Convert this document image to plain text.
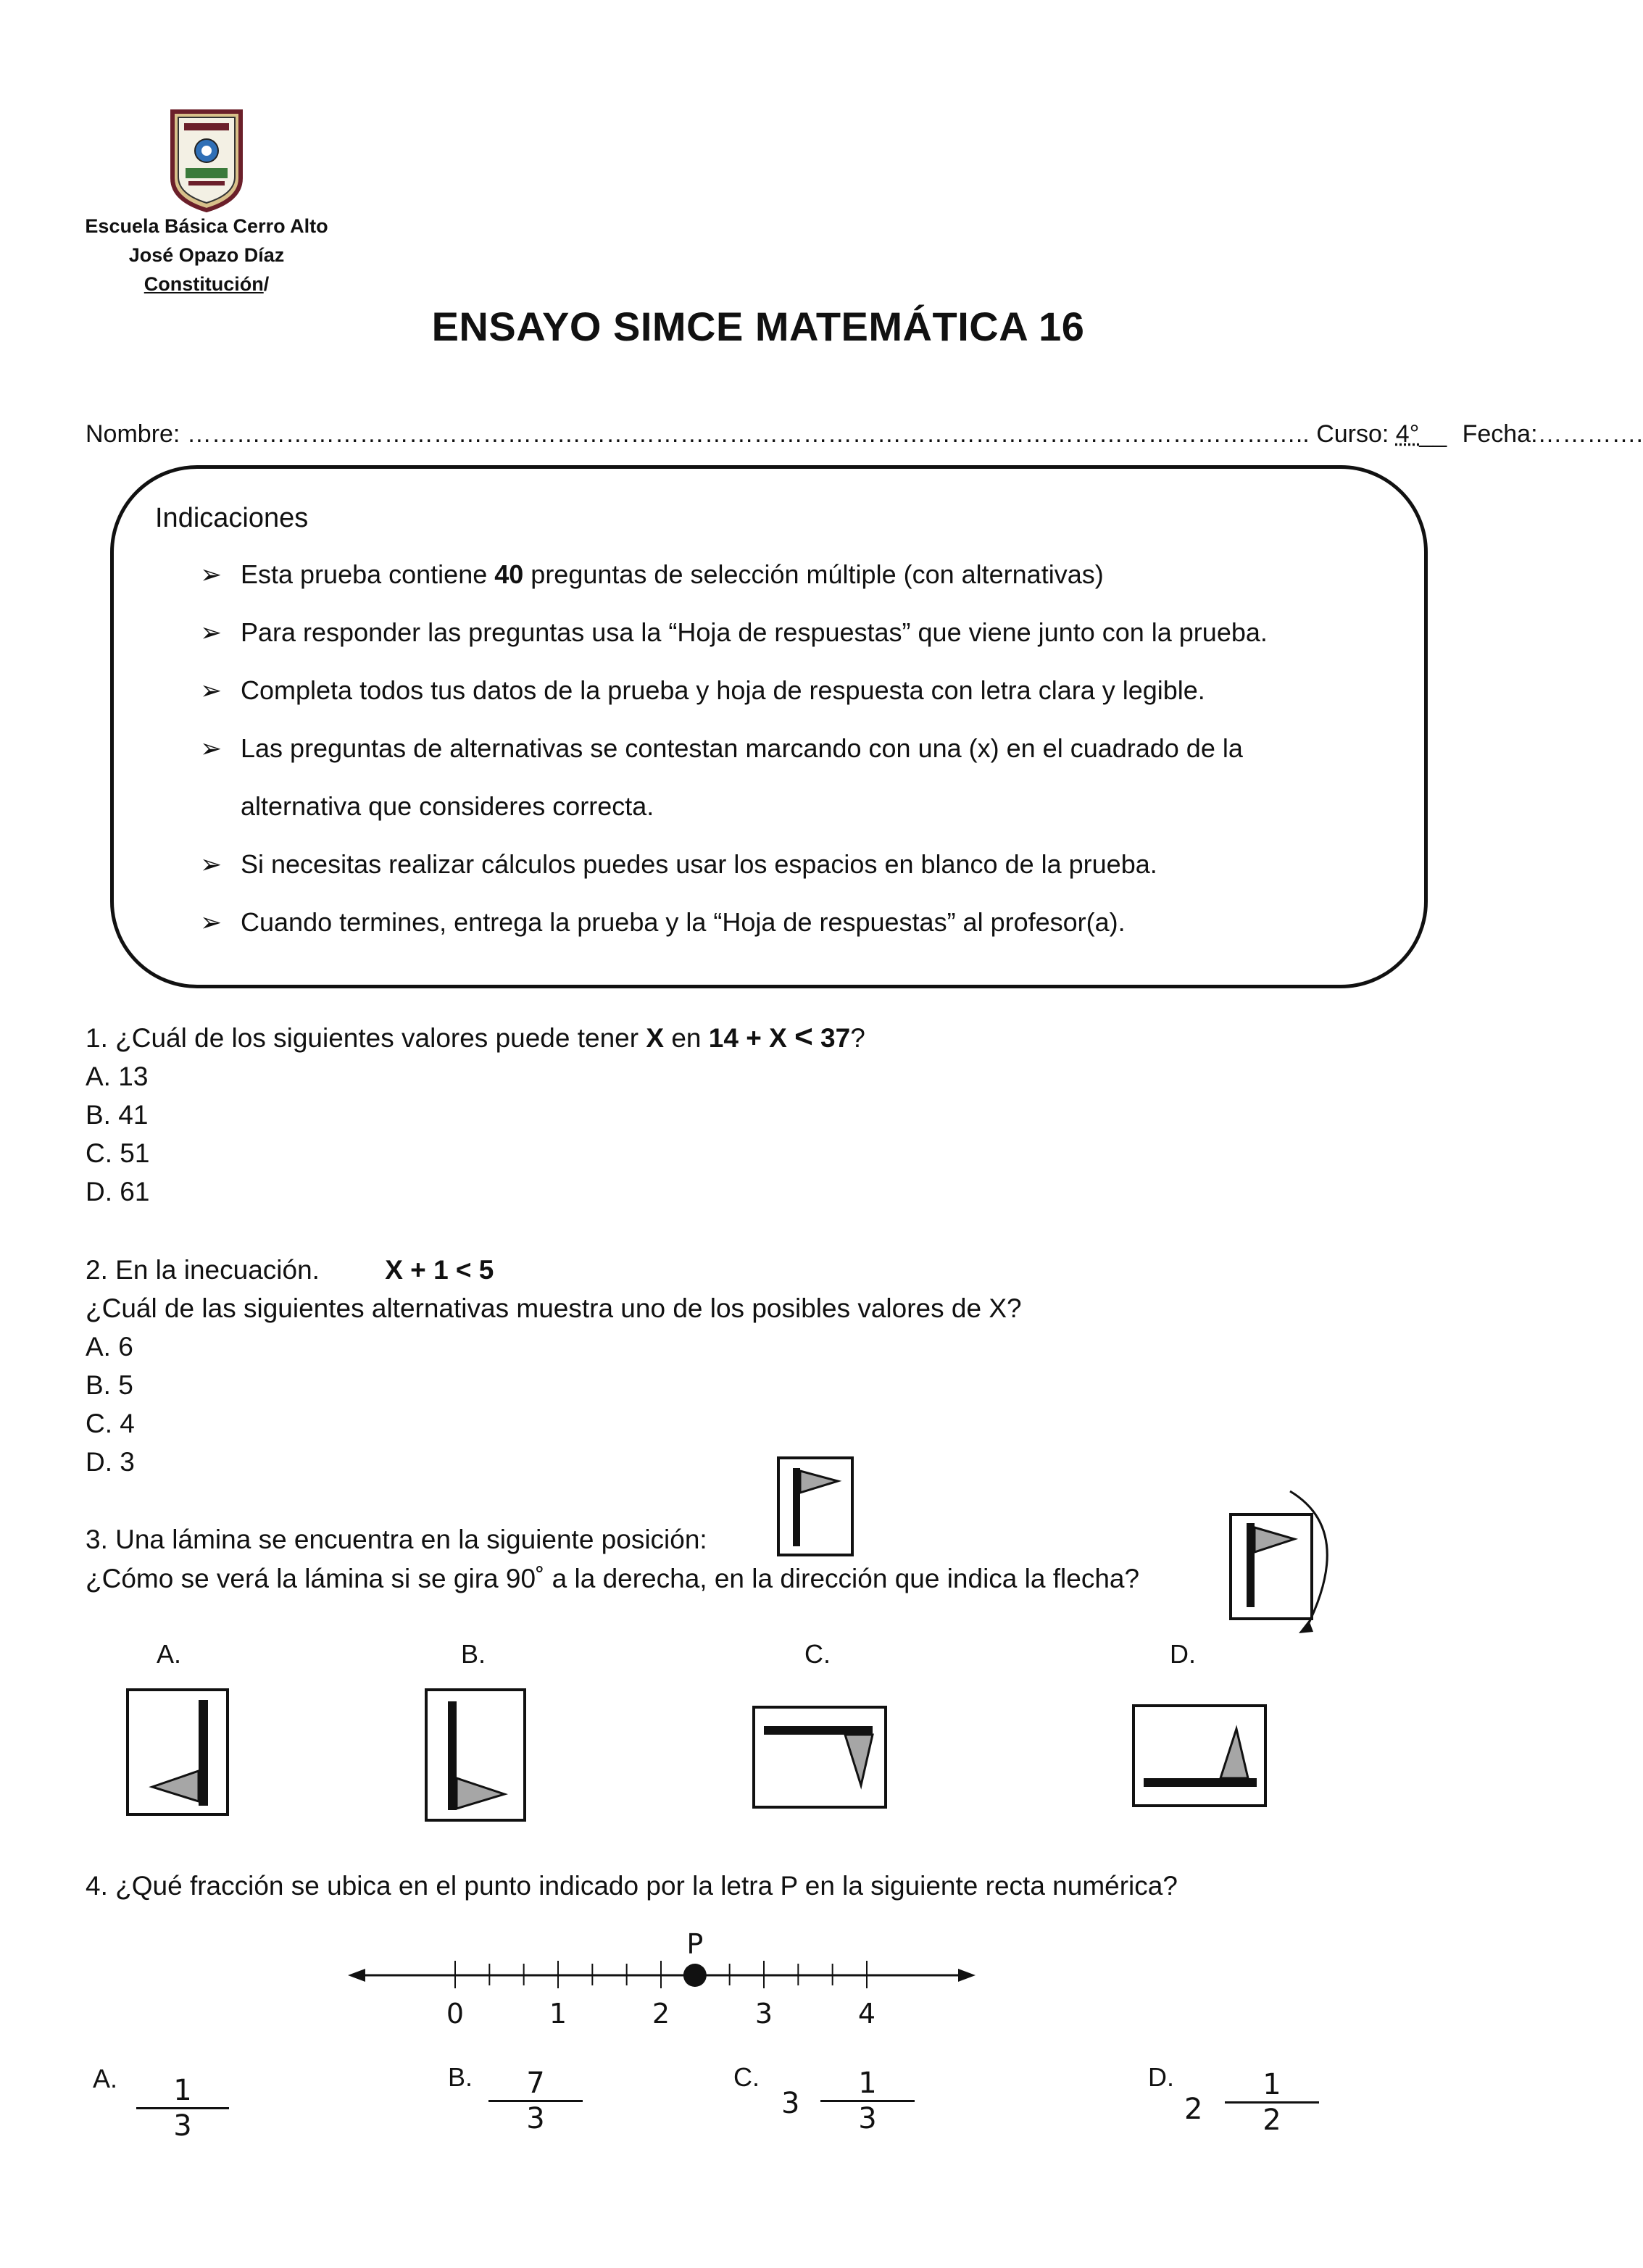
Escuela Básica Cerro Alto
José Opazo Díaz
Constitución/
ENSAYO SIMCE MATEMÁTICA 16
Nombre: ……………………………………………………………………………………………………………………….. Curso: 4°__ Fecha:………….
Indicaciones
➢ Esta prueba contiene 40 preguntas de selección múltiple (con alternativas)
➢ Para responder las preguntas usa la “Hoja de respuestas” que viene junto con la prueba.
➢ Completa todos tus datos de la prueba y hoja de respuesta con letra clara y legible.
➢ Las preguntas de alternativas se contestan marcando con una (x) en el cuadrado de la
alternativa que consideres correcta.
➢ Si necesitas realizar cálculos puedes usar los espacios en blanco de la prueba.
➢ Cuando termines, entrega la prueba y la “Hoja de respuestas” al profesor(a).
1. ¿Cuál de los siguientes valores puede tener X en 14 + X < 37?
A. 13
B. 41
C. 51
D. 61
2. En la inecuación. X + 1 < 5
¿Cuál de las siguientes alternativas muestra uno de los posibles valores de X?
A. 6
B. 5
C. 4
D. 3
3. Una lámina se encuentra en la siguiente posición:
¿Cómo se verá la lámina si se gira 90˚ a la derecha, en la dirección que indica la flecha?
A.	B.	C.	D.
4. ¿Qué fracción se ubica en el punto indicado por la letra P en la siguiente recta numérica?
0	1	2	3	4
P
A.	1
3
B.	7
3
C.
3
1
3
D.
2
1
2
